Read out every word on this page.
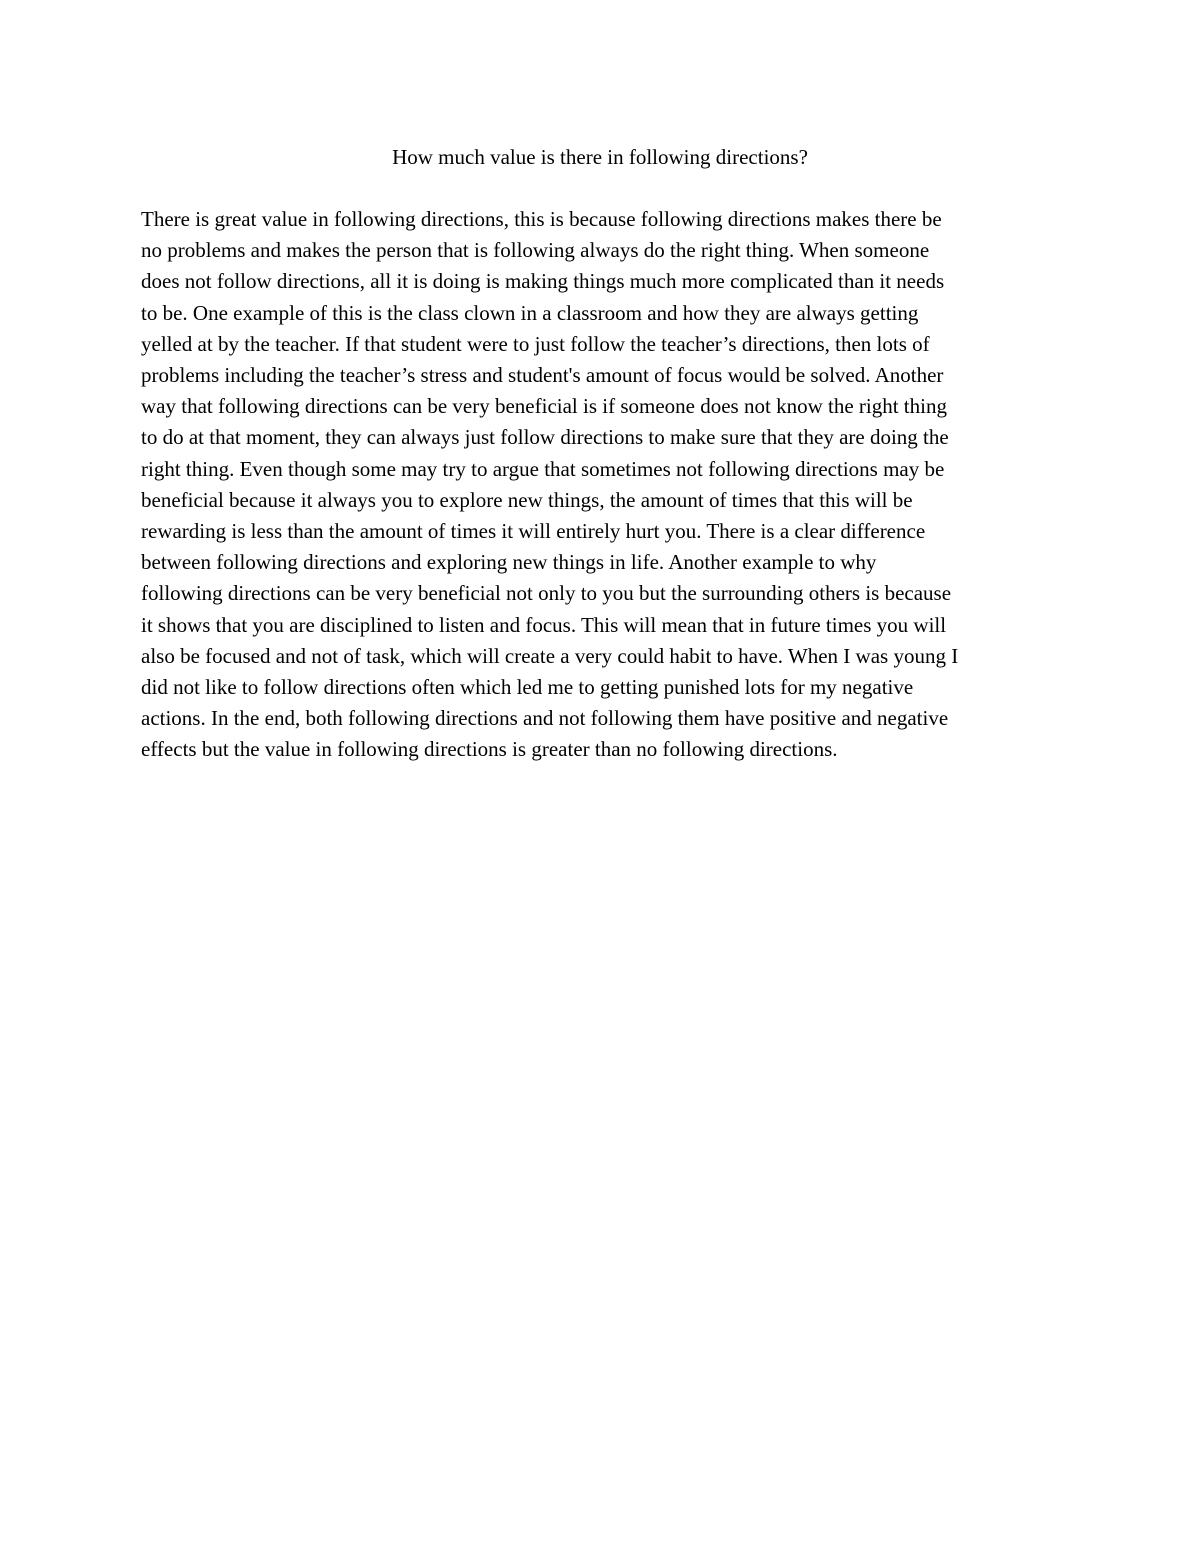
How much value is there in following directions?
There is great value in following directions, this is because following directions makes there be
no problems and makes the person that is following always do the right thing. When someone
does not follow directions, all it is doing is making things much more complicated than it needs
to be. One example of this is the class clown in a classroom and how they are always getting
yelled at by the teacher. If that student were to just follow the teacher’s directions, then lots of
problems including the teacher’s stress and student's amount of focus would be solved. Another
way that following directions can be very beneficial is if someone does not know the right thing
to do at that moment, they can always just follow directions to make sure that they are doing the
right thing. Even though some may try to argue that sometimes not following directions may be
beneficial because it always you to explore new things, the amount of times that this will be
rewarding is less than the amount of times it will entirely hurt you. There is a clear difference
between following directions and exploring new things in life. Another example to why
following directions can be very beneficial not only to you but the surrounding others is because
it shows that you are disciplined to listen and focus. This will mean that in future times you will
also be focused and not of task, which will create a very could habit to have. When I was young I
did not like to follow directions often which led me to getting punished lots for my negative
actions. In the end, both following directions and not following them have positive and negative
effects but the value in following directions is greater than no following directions.
